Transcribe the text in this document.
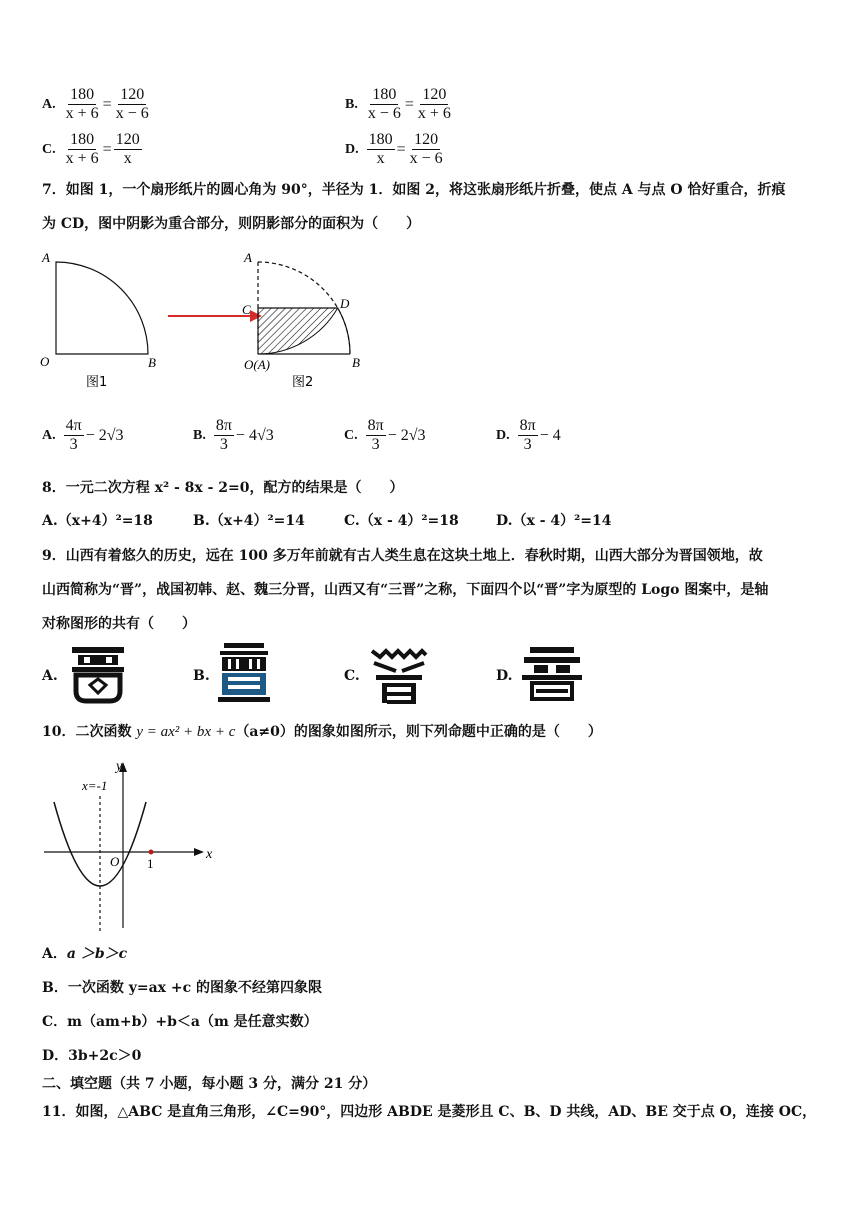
A. $\frac{180}{x + 6} = \frac{120}{x - 6}$	B. $\frac{180}{x - 6} = \frac{120}{x + 6}$
C. $\frac{180}{x + 6} = \frac{120}{x}$	D. $\frac{180}{x} = \frac{120}{x - 6}$
7．如图 1，一个扇形纸片的圆心角为 90°，半径为 1．如图 2，将这张扇形纸片折叠，使点 A 与点 O 恰好重合，折痕
为 CD，图中阴影为重合部分，则阴影部分的面积为（　　）
A
O	B
图1
A
C	D
O(A)	B
图2
A. $\frac{4\pi}{3} - 2√3$	B. $\frac{8\pi}{3} - 4√3$	C. $\frac{8\pi}{3} - 2√3$	D. $\frac{8\pi}{3} - 4$
8．一元二次方程 x² - 8x - 2=0，配方的结果是（　　）
A.（x+4）²=18	B.（x+4）²=14	C.（x - 4）²=18	D.（x - 4）²=14
9．山西有着悠久的历史，远在 100 多万年前就有古人类生息在这块土地上．春秋时期，山西大部分为晋国领地，故
山西简称为“晋”，战国初韩、赵、魏三分晋，山西又有“三晋”之称，下面四个以“晋”字为原型的 Logo 图案中，是轴
对称图形的共有（　　）
A.	B.	C.	D.
10．二次函数 y = ax² + bx + c（a≠0）的图象如图所示，则下列命题中正确的是（　　）
y
x
x=-1
O 1
A．a ＞b＞c
B．一次函数 y=ax +c 的图象不经第四象限
C．m（am+b）+b＜a（m 是任意实数）
D．3b+2c＞0
二、填空题（共 7 小题，每小题 3 分，满分 21 分）
11．如图，△ABC 是直角三角形，∠C=90°，四边形 ABDE 是菱形且 C、B、D 共线，AD、BE 交于点 O，连接 OC，
